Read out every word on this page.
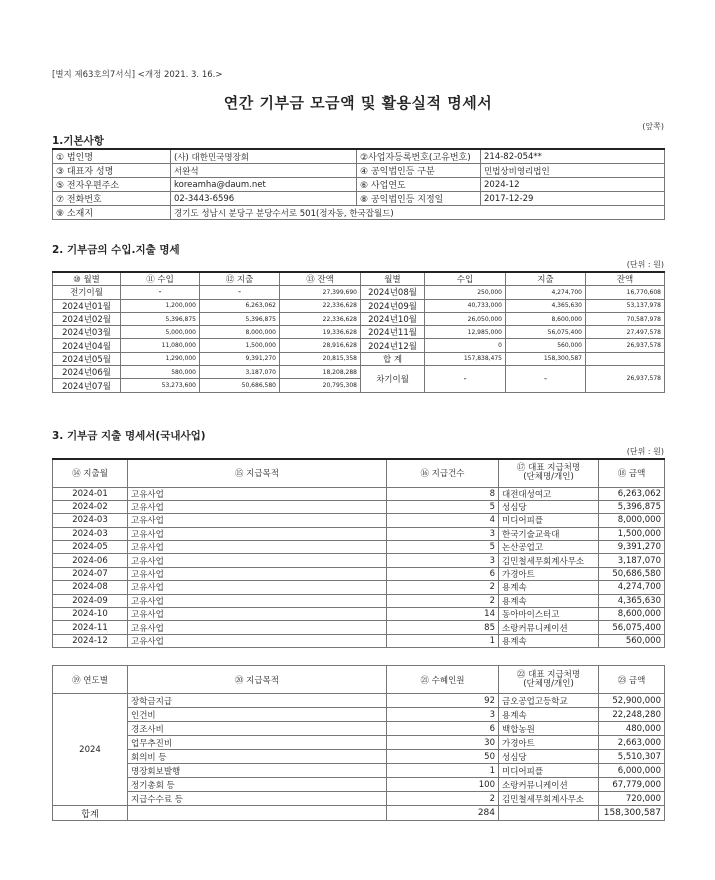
[별지 제63호의7서식] <개정 2021. 3. 16.>
연간 기부금 모금액 및 활용실적 명세서
(앞쪽)
1.기본사항
① 법인명	(사) 대한민국명장회	②사업자등록번호(고유번호)	214-82-054**
③ 대표자 성명	서완석	④ 공익법인등 구분	민법상비영리법인
⑤ 전자우편주소	koreamha@daum.net	⑥ 사업연도	2024-12
⑦ 전화번호	02-3443-6596	⑧ 공익법인등 지정일	2017-12-29
⑨ 소재지	경기도 성남시 분당구 분당수서로 501(정자동, 한국잡월드)		
2. 기부금의 수입.지출 명세
(단위 : 원)
⑩ 월별	⑪ 수입	⑫ 지출	⑬ 잔액	월별	수입	지출	잔액
전기이월	-	-	27,399,690	2024년08월	250,000	4,274,700	16,770,608
2024년01월	1,200,000	6,263,062	22,336,628	2024년09월	40,733,000	4,365,630	53,137,978
2024년02월	5,396,875	5,396,875	22,336,628	2024년10월	26,050,000	8,600,000	70,587,978
2024년03월	5,000,000	8,000,000	19,336,628	2024년11월	12,985,000	56,075,400	27,497,578
2024년04월	11,080,000	1,500,000	28,916,628	2024년12월	0	560,000	26,937,578
2024년05월	1,290,000	9,391,270	20,815,358	합 계	157,838,475	158,300,587	
2024년06월	580,000	3,187,070	18,208,288	차기이월	-	-	26,937,578
2024년07월	53,273,600	50,686,580	20,795,308				
3. 기부금 지출 명세서(국내사업)
(단위 : 원)
⑭ 지출월	⑮ 지급목적	⑯ 지급건수	⑰ 대표 지급처명
(단체명/개인)	⑱ 금액
2024-01	고유사업	8	대전대성여고	6,263,062
2024-02	고유사업	5	성심당	5,396,875
2024-03	고유사업	4	미디어피플	8,000,000
2024-03	고유사업	3	한국기술교육대	1,500,000
2024-05	고유사업	5	논산공업고	9,391,270
2024-06	고유사업	3	김민철세무회계사무소	3,187,070
2024-07	고유사업	6	가경아트	50,686,580
2024-08	고유사업	2	용계속	4,274,700
2024-09	고유사업	2	용계속	4,365,630
2024-10	고유사업	14	동아마이스터고	8,600,000
2024-11	고유사업	85	소랑커뮤니케이션	56,075,400
2024-12	고유사업	1	용계속	560,000
⑲ 연도별	⑳ 지급목적	㉑ 수혜인원	㉒ 대표 지급처명
(단체명/개인)	㉓ 금액
2024	장학금지급	92	금오공업고등학교	52,900,000
	인건비	3	용계속	22,248,280
	경조사비	6	백합농원	480,000
	업무추진비	30	가경아트	2,663,000
	회의비 등	50	성심당	5,510,307
	명장회보발행	1	미디어피플	6,000,000
	정기총회 등	100	소랑커뮤니케이션	67,779,000
	지급수수료 등	2	김민철세무회계사무소	720,000
합계		284		158,300,587
